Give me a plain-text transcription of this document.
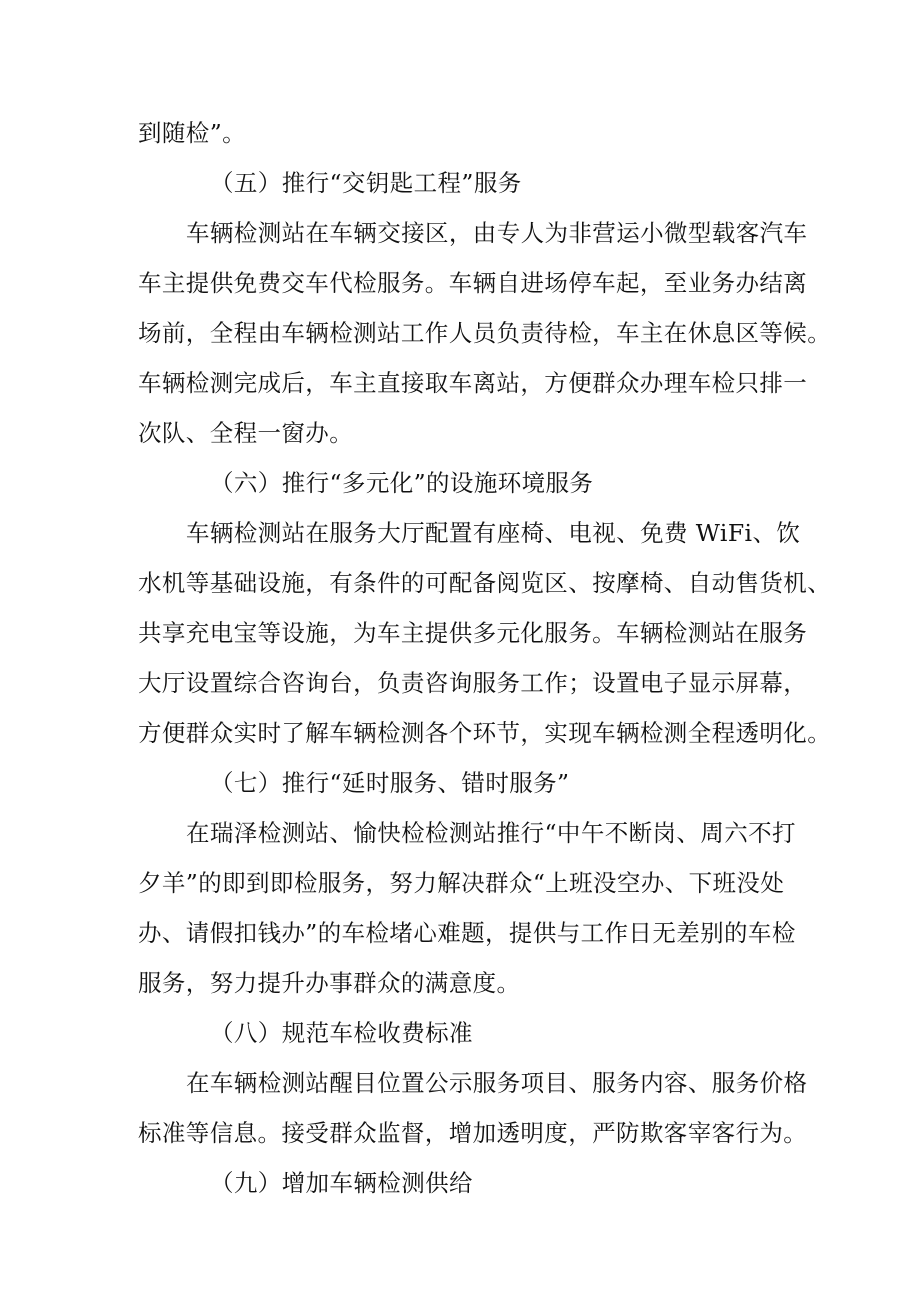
到随检”。
（五）推行“交钥匙工程”服务
车辆检测站在车辆交接区，由专人为非营运小微型载客汽车
车主提供免费交车代检服务。车辆自进场停车起，至业务办结离
场前，全程由车辆检测站工作人员负责待检，车主在休息区等候。
车辆检测完成后，车主直接取车离站，方便群众办理车检只排一
次队、全程一窗办。
（六）推行“多元化”的设施环境服务
车辆检测站在服务大厅配置有座椅、电视、免费 WiFi、饮
水机等基础设施，有条件的可配备阅览区、按摩椅、自动售货机、
共享充电宝等设施，为车主提供多元化服务。车辆检测站在服务
大厅设置综合咨询台，负责咨询服务工作；设置电子显示屏幕，
方便群众实时了解车辆检测各个环节，实现车辆检测全程透明化。
（七）推行“延时服务、错时服务”
在瑞泽检测站、愉快检检测站推行“中午不断岗、周六不打
夕羊”的即到即检服务，努力解决群众“上班没空办、下班没处
办、请假扣钱办”的车检堵心难题，提供与工作日无差别的车检
服务，努力提升办事群众的满意度。
（八）规范车检收费标准
在车辆检测站醒目位置公示服务项目、服务内容、服务价格
标准等信息。接受群众监督，增加透明度，严防欺客宰客行为。
（九）增加车辆检测供给
